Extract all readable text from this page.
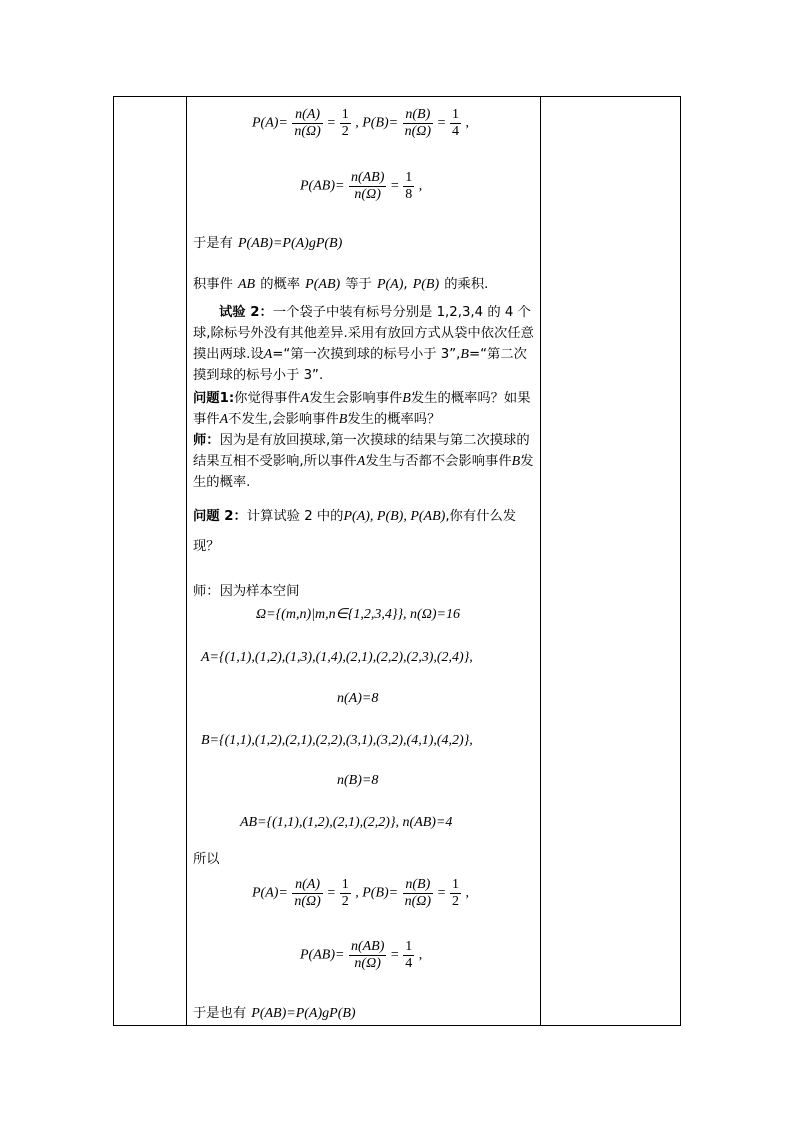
$P(A)= \frac{n(A)}{n(\Omega)} = \frac{1}{2}$ , $P(B)= \frac{n(B)}{n(\Omega)} = \frac{1}{4}$ ,
$P(AB)= \frac{n(AB)}{n(\Omega)} = \frac{1}{8}$ ,
于是有 P(AB)=P(A)gP(B)
积事件 AB 的概率 P(AB) 等于 P(A), P(B) 的乘积.
试验 2：一个袋子中装有标号分别是 1,2,3,4 的 4 个球,除标号外没有其他差异.采用有放回方式从袋中依次任意摸出两球.设A=“第一次摸到球的标号小于 3”,B=“第二次摸到球的标号小于 3”.
问题1:你觉得事件A发生会影响事件B发生的概率吗？如果事件A不发生,会影响事件B发生的概率吗？
师：因为是有放回摸球,第一次摸球的结果与第二次摸球的结果互相不受影响,所以事件A发生与否都不会影响事件B发生的概率.
问题 2：计算试验 2 中的P(A), P(B), P(AB),你有什么发现？
师：因为样本空间
Ω={(m,n)|m,n∈{1,2,3,4}}, n(Ω)=16
A={(1,1),(1,2),(1,3),(1,4),(2,1),(2,2),(2,3),(2,4)},
n(A)=8
B={(1,1),(1,2),(2,1),(2,2),(3,1),(3,2),(4,1),(4,2)},
n(B)=8
AB={(1,1),(1,2),(2,1),(2,2)}, n(AB)=4
所以
$P(A)= \frac{n(A)}{n(\Omega)} = \frac{1}{2}$ , $P(B)= \frac{n(B)}{n(\Omega)} = \frac{1}{2}$ ,
$P(AB)= \frac{n(AB)}{n(\Omega)} = \frac{1}{4}$ ,
于是也有 P(AB)=P(A)gP(B)
